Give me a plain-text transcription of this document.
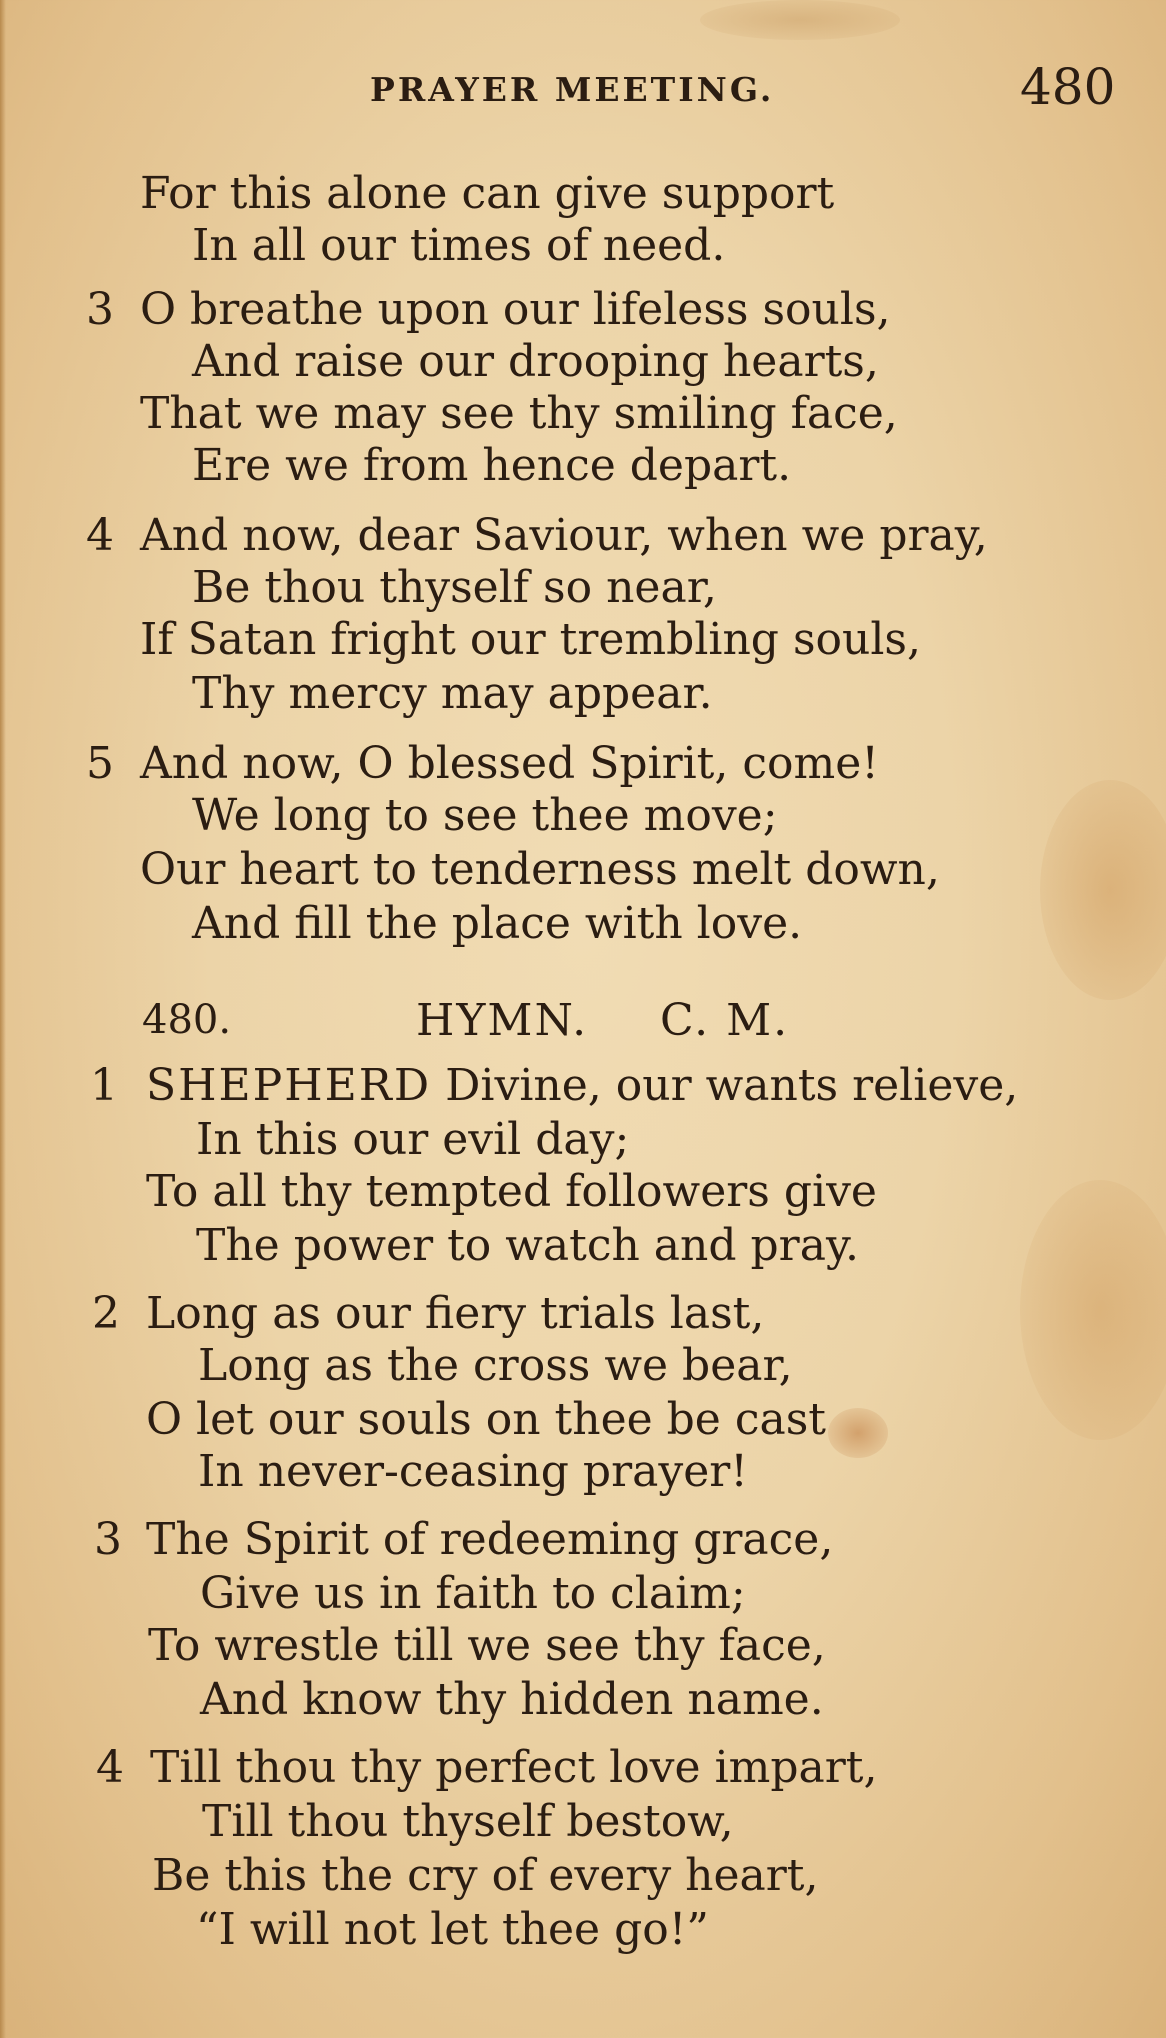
PRAYER MEETING.	480
For this alone can give support
In all our times of need.
3 O breathe upon our lifeless souls,
And raise our drooping hearts,
That we may see thy smiling face,
Ere we from hence depart.
4 And now, dear Saviour, when we pray,
Be thou thyself so near,
If Satan fright our trembling souls,
Thy mercy may appear.
5 And now, O blessed Spirit, come!
We long to see thee move;
Our heart to tenderness melt down,
And fill the place with love.
480.	HYMN. C. M.
1 SHEPHERD Divine, our wants relieve,
In this our evil day;
To all thy tempted followers give
The power to watch and pray.
2 Long as our fiery trials last,
Long as the cross we bear,
O let our souls on thee be cast
In never-ceasing prayer!
3 The Spirit of redeeming grace,
Give us in faith to claim;
To wrestle till we see thy face,
And know thy hidden name.
4 Till thou thy perfect love impart,
Till thou thyself bestow,
Be this the cry of every heart,
“I will not let thee go!”
